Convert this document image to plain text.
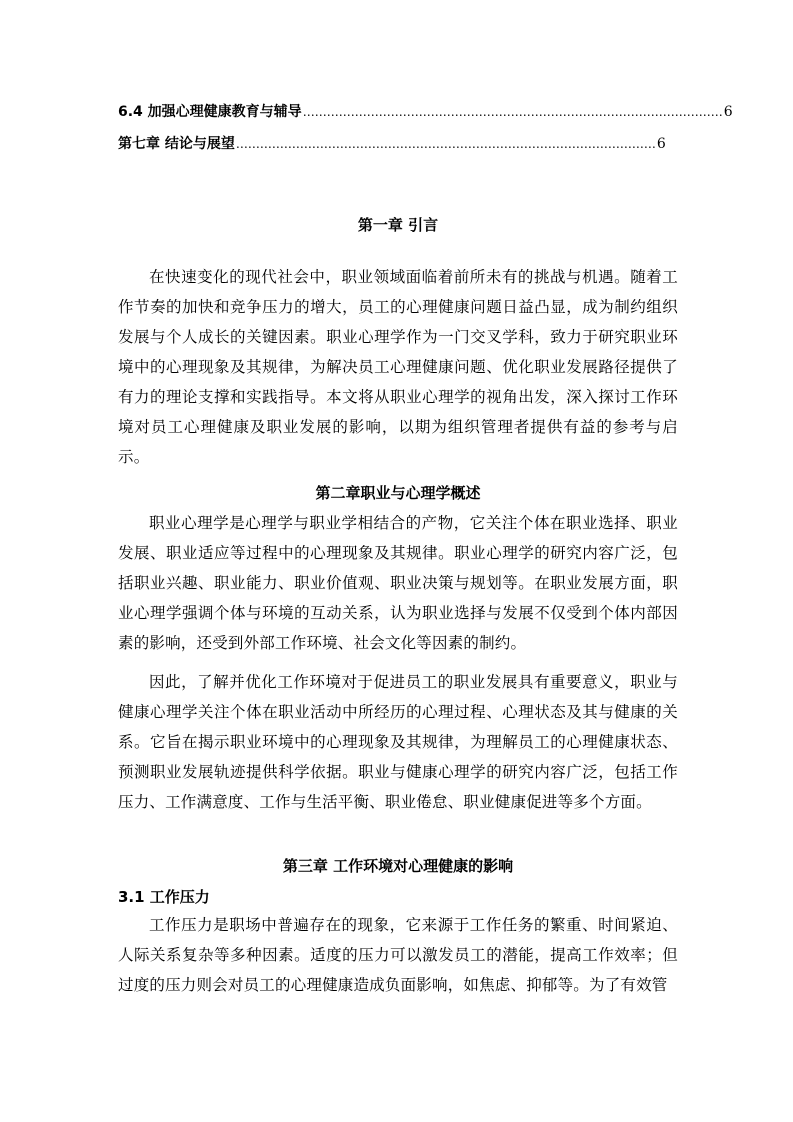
6.4 加强心理健康教育与辅导 …………………………………………………………………………………………… 6
第七章 结论与展望 …………………………………………………………………………………………… 6
第一章 引言

在快速变化的现代社会中，职业领域面临着前所未有的挑战与机遇。随着工作节奏的加快和竞争压力的增大，员工的心理健康问题日益凸显，成为制约组织发展与个人成长的关键因素。职业心理学作为一门交叉学科，致力于研究职业环境中的心理现象及其规律，为解决员工心理健康问题、优化职业发展路径提供了有力的理论支撑和实践指导。本文将从职业心理学的视角出发，深入探讨工作环境对员工心理健康及职业发展的影响，以期为组织管理者提供有益的参考与启示。

第二章职业与心理学概述

职业心理学是心理学与职业学相结合的产物，它关注个体在职业选择、职业发展、职业适应等过程中的心理现象及其规律。职业心理学的研究内容广泛，包括职业兴趣、职业能力、职业价值观、职业决策与规划等。在职业发展方面，职业心理学强调个体与环境的互动关系，认为职业选择与发展不仅受到个体内部因素的影响，还受到外部工作环境、社会文化等因素的制约。

因此，了解并优化工作环境对于促进员工的职业发展具有重要意义，职业与健康心理学关注个体在职业活动中所经历的心理过程、心理状态及其与健康的关系。它旨在揭示职业环境中的心理现象及其规律，为理解员工的心理健康状态、预测职业发展轨迹提供科学依据。职业与健康心理学的研究内容广泛，包括工作压力、工作满意度、工作与生活平衡、职业倦怠、职业健康促进等多个方面。

第三章 工作环境对心理健康的影响
3.1 工作压力

工作压力是职场中普遍存在的现象，它来源于工作任务的繁重、时间紧迫、人际关系复杂等多种因素。适度的压力可以激发员工的潜能，提高工作效率；但过度的压力则会对员工的心理健康造成负面影响，如焦虑、抑郁等。为了有效管
